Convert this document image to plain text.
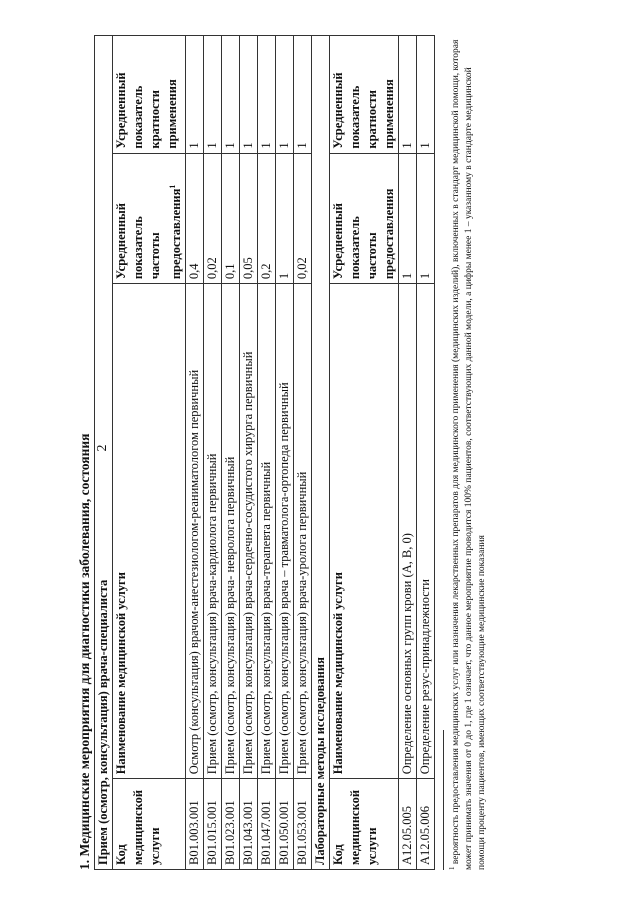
2
1. Медицинские мероприятия для диагностики заболевания, состояния Прием (осмотр, консультация) врача-специалиста			
Код
медицинской
услуги	Наименование медицинской услуги	Усредненный
показатель
частоты
предоставления$^1$	Усредненный
показатель
кратности
применения
B01.003.001	Осмотр (консультация) врачом-анестезиологом-реаниматологом первичный	0,4	1
B01.015.001	Прием (осмотр, консультация) врача-кардиолога первичный	0,02	1
B01.023.001	Прием (осмотр, консультация) врача- невролога первичный	0,1	1
B01.043.001	Прием (осмотр, консультация) врача-сердечно-сосудистого хирурга первичный	0,05	1
B01.047.001	Прием (осмотр, консультация) врача-терапевта первичный	0,2	1
B01.050.001	Прием (осмотр, консультация) врача – травматолога-ортопеда первичный	1	1
B01.053.001	Прием (осмотр, консультация) врача-уролога первичный	0,02	1
Лабораторные методы исследования			
Код
медицинской
услуги	Наименование медицинской услуги	Усредненный
показатель
частоты
предоставления	Усредненный
показатель
кратности
применения
A12.05.005	Определение основных групп крови (A, B, 0)	1	1
A12.05.006	Определение резус-принадлежности	1	1
$^1$ вероятность предоставления медицинских услуг или назначения лекарственных препаратов для медицинского применения (медицинских изделий), включенных в стандарт медицинской помощи, которая может принимать значения от 0 до 1, где 1 означает, что данное мероприятие проводится 100% пациентов, соответствующих данной модели, а цифры менее 1 – указанному в стандарте медицинской помощи проценту пациентов, имеющих соответствующие медицинские показания
